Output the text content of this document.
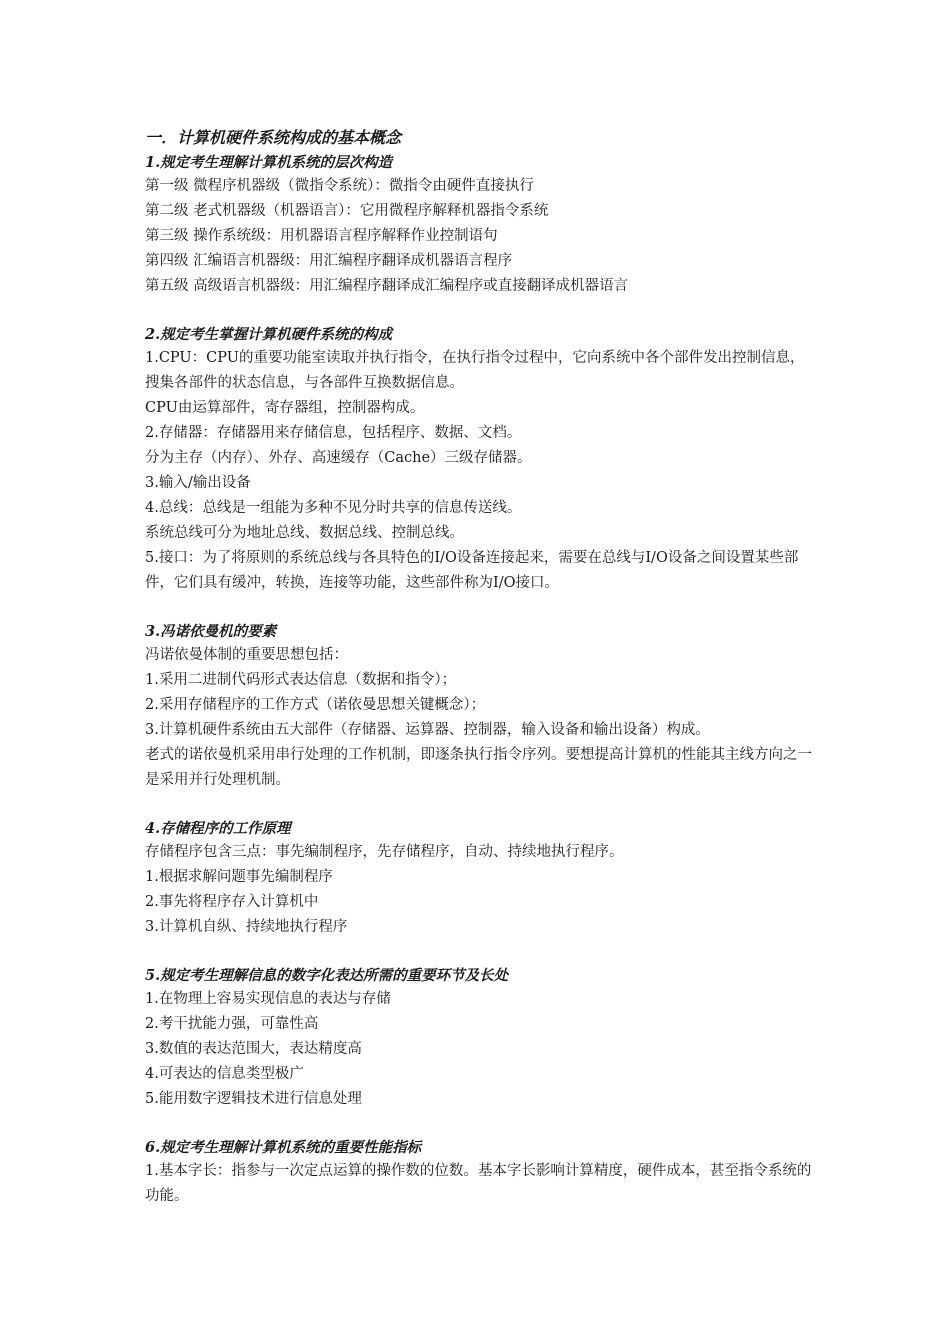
一．计算机硬件系统构成的基本概念

1.规定考生理解计算机系统的层次构造

第一级 微程序机器级（微指令系统）：微指令由硬件直接执行

第二级 老式机器级（机器语言）：它用微程序解释机器指令系统

第三级 操作系统级：用机器语言程序解释作业控制语句

第四级 汇编语言机器级：用汇编程序翻译成机器语言程序

第五级 高级语言机器级：用汇编程序翻译成汇编程序或直接翻译成机器语言

2.规定考生掌握计算机硬件系统的构成

1.CPU：CPU的重要功能室读取并执行指令，在执行指令过程中，它向系统中各个部件发出控制信息，搜集各部件的状态信息，与各部件互换数据信息。

CPU由运算部件，寄存器组，控制器构成。

2.存储器：存储器用来存储信息，包括程序、数据、文档。

分为主存（内存）、外存、高速缓存（Cache）三级存储器。

3.输入/输出设备

4.总线：总线是一组能为多种不见分时共享的信息传送线。

系统总线可分为地址总线、数据总线、控制总线。

5.接口：为了将原则的系统总线与各具特色的I/O设备连接起来，需要在总线与I/O设备之间设置某些部件，它们具有缓冲，转换，连接等功能，这些部件称为I/O接口。

3.冯诺依曼机的要素

冯诺依曼体制的重要思想包括：

1.采用二进制代码形式表达信息（数据和指令）；

2.采用存储程序的工作方式（诺依曼思想关键概念）；

3.计算机硬件系统由五大部件（存储器、运算器、控制器，输入设备和输出设备）构成。

老式的诺依曼机采用串行处理的工作机制，即逐条执行指令序列。要想提高计算机的性能其主线方向之一是采用并行处理机制。

4.存储程序的工作原理

存储程序包含三点：事先编制程序，先存储程序，自动、持续地执行程序。

1.根据求解问题事先编制程序

2.事先将程序存入计算机中

3.计算机自纵、持续地执行程序

5.规定考生理解信息的数字化表达所需的重要环节及长处

1.在物理上容易实现信息的表达与存储

2.考干扰能力强，可靠性高

3.数值的表达范围大，表达精度高

4.可表达的信息类型极广

5.能用数字逻辑技术进行信息处理

6.规定考生理解计算机系统的重要性能指标

1.基本字长：指参与一次定点运算的操作数的位数。基本字长影响计算精度，硬件成本，甚至指令系统的功能。
